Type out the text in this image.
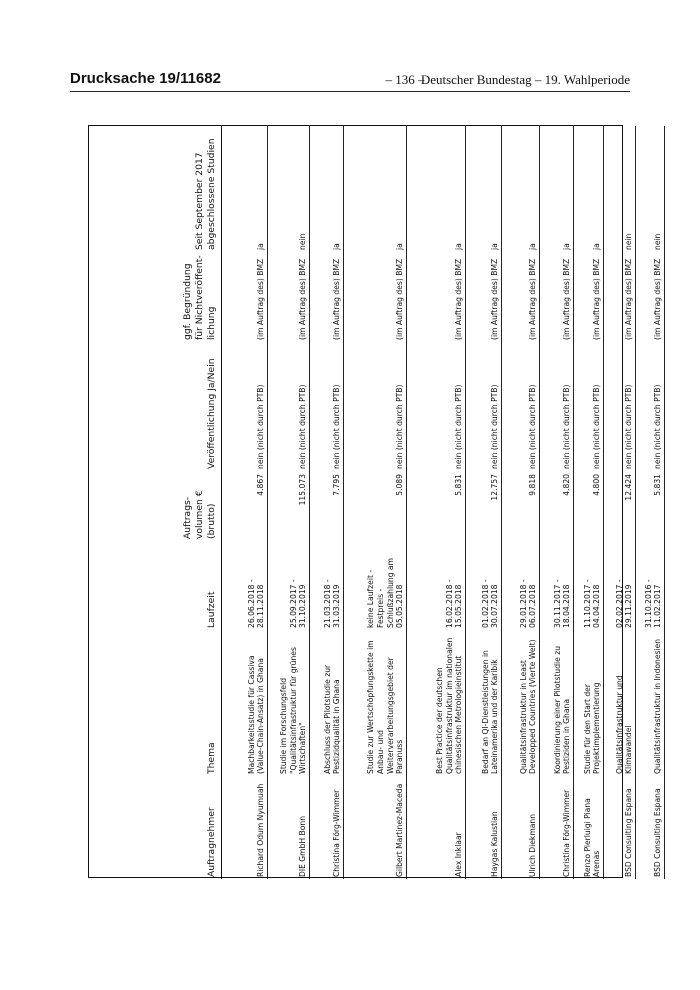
Drucksache 19/11682	– 136 –
Deutscher Bundestag – 19. Wahlperiode
Auftragnehmer	Thema	Laufzeit	Auftrags-volumen € (brutto)	Veröffentlichung Ja/Nein	ggf. Begründung für Nichtveröffent-lichung	Seit September 2017 abgeschlossene Studien
Richard Odum Nyumuah	Machbarkeitsstudie für Cassiva (Value-Chain-Ansatz) in Ghana	26.06.2018 - 28.11.2018	4.867	nein (nicht durch PTB)	(im Auftrag des) BMZ	ja
DIE GmbH Bonn	Studie im Forschungsfeld "Qualitätsinfrastruktur für grünes Wirtschaften"	25.09.2017 - 31.10.2019	115.073	nein (nicht durch PTB)	(im Auftrag des) BMZ	nein
Christina Förg-Wimmer	Abschluss der Pilotstudie zur Pestizidqualität in Ghana	21.03.2018 - 31.03.2019	7.795	nein (nicht durch PTB)	(im Auftrag des) BMZ	ja
Gilbert Martinez-Maceda	Studie zur Wertschöpfungskette im Anbau- und Weiterverarbeitungsgebiet der Paranuss	keine Laufzeit - Festpreis - Schlußzahlung am 05.05.2018	5.089	nein (nicht durch PTB)	(im Auftrag des) BMZ	ja
Alex Inklaar	Best Practice der deutschen Qualitätsinfrastruktur im nationalen chinesischen Metrologieinstitut	16.02.2018 - 15.05.2018	5.831	nein (nicht durch PTB)	(im Auftrag des) BMZ	ja
Haygas Kalustian	Bedarf an QI-Dienstleistungen in Lateinamerika und der Karibik	01.02.2018 - 30.07.2018	12.757	nein (nicht durch PTB)	(im Auftrag des) BMZ	ja
Ulrich Diekmann	Qualitätsinfrastruktur in Least Developped Countries (Vierte Welt)	29.01.2018 - 06.07.2018	9.818	nein (nicht durch PTB)	(im Auftrag des) BMZ	ja
Christina Förg-Wimmer	Koordinierung einer Pilotstudie zu Pestiziden in Ghana	30.11.2017 - 18.04.2018	4.820	nein (nicht durch PTB)	(im Auftrag des) BMZ	ja
Renzo Pierluigi Piana Arenas	Studie für den Start der Projektimplementierung	11.10.2017 - 04.04.2018	4.800	nein (nicht durch PTB)	(im Auftrag des) BMZ	ja
BSD Consulting Espana	Qualitätsinfrastruktur und Klimawandel	02.02.2017 - 29.11.2019	12.424	nein (nicht durch PTB)	(im Auftrag des) BMZ	nein
BSD Consulting Espana	Qualitätsinfrastruktur in Indonesien	31.10.2016 - 11.02.2017	5.831	nein (nicht durch PTB)	(im Auftrag des) BMZ	nein
